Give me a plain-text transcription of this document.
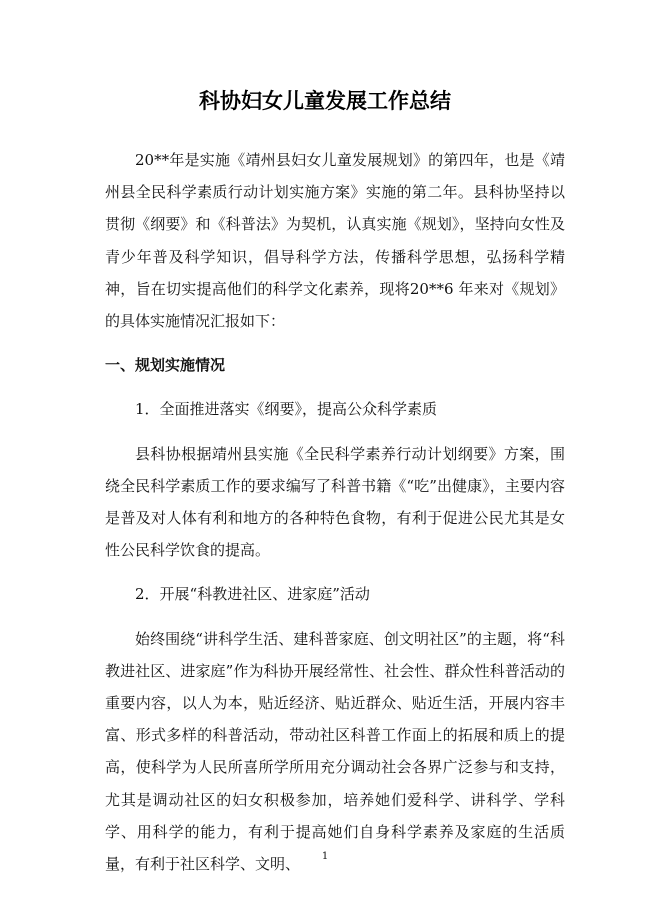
科协妇女儿童发展工作总结

20**年是实施《靖州县妇女儿童发展规划》的第四年，也是《靖州县全民科学素质行动计划实施方案》实施的第二年。县科协坚持以贯彻《纲要》和《科普法》为契机，认真实施《规划》，坚持向女性及青少年普及科学知识，倡导科学方法，传播科学思想，弘扬科学精神，旨在切实提高他们的科学文化素养，现将20**6 年来对《规划》的具体实施情况汇报如下：

一、规划实施情况

1．全面推进落实《纲要》，提高公众科学素质

县科协根据靖州县实施《全民科学素养行动计划纲要》方案，围绕全民科学素质工作的要求编写了科普书籍《“吃”出健康》，主要内容是普及对人体有利和地方的各种特色食物，有利于促进公民尤其是女性公民科学饮食的提高。

2．开展“科教进社区、进家庭”活动

始终围绕“讲科学生活、建科普家庭、创文明社区”的主题，将“科教进社区、进家庭”作为科协开展经常性、社会性、群众性科普活动的重要内容，以人为本，贴近经济、贴近群众、贴近生活，开展内容丰富、形式多样的科普活动，带动社区科普工作面上的拓展和质上的提高，使科学为人民所喜所学所用充分调动社会各界广泛参与和支持，尤其是调动社区的妇女积极参加，培养她们爱科学、讲科学、学科学、用科学的能力，有利于提高她们自身科学素养及家庭的生活质量，有利于社区科学、文明、	1
